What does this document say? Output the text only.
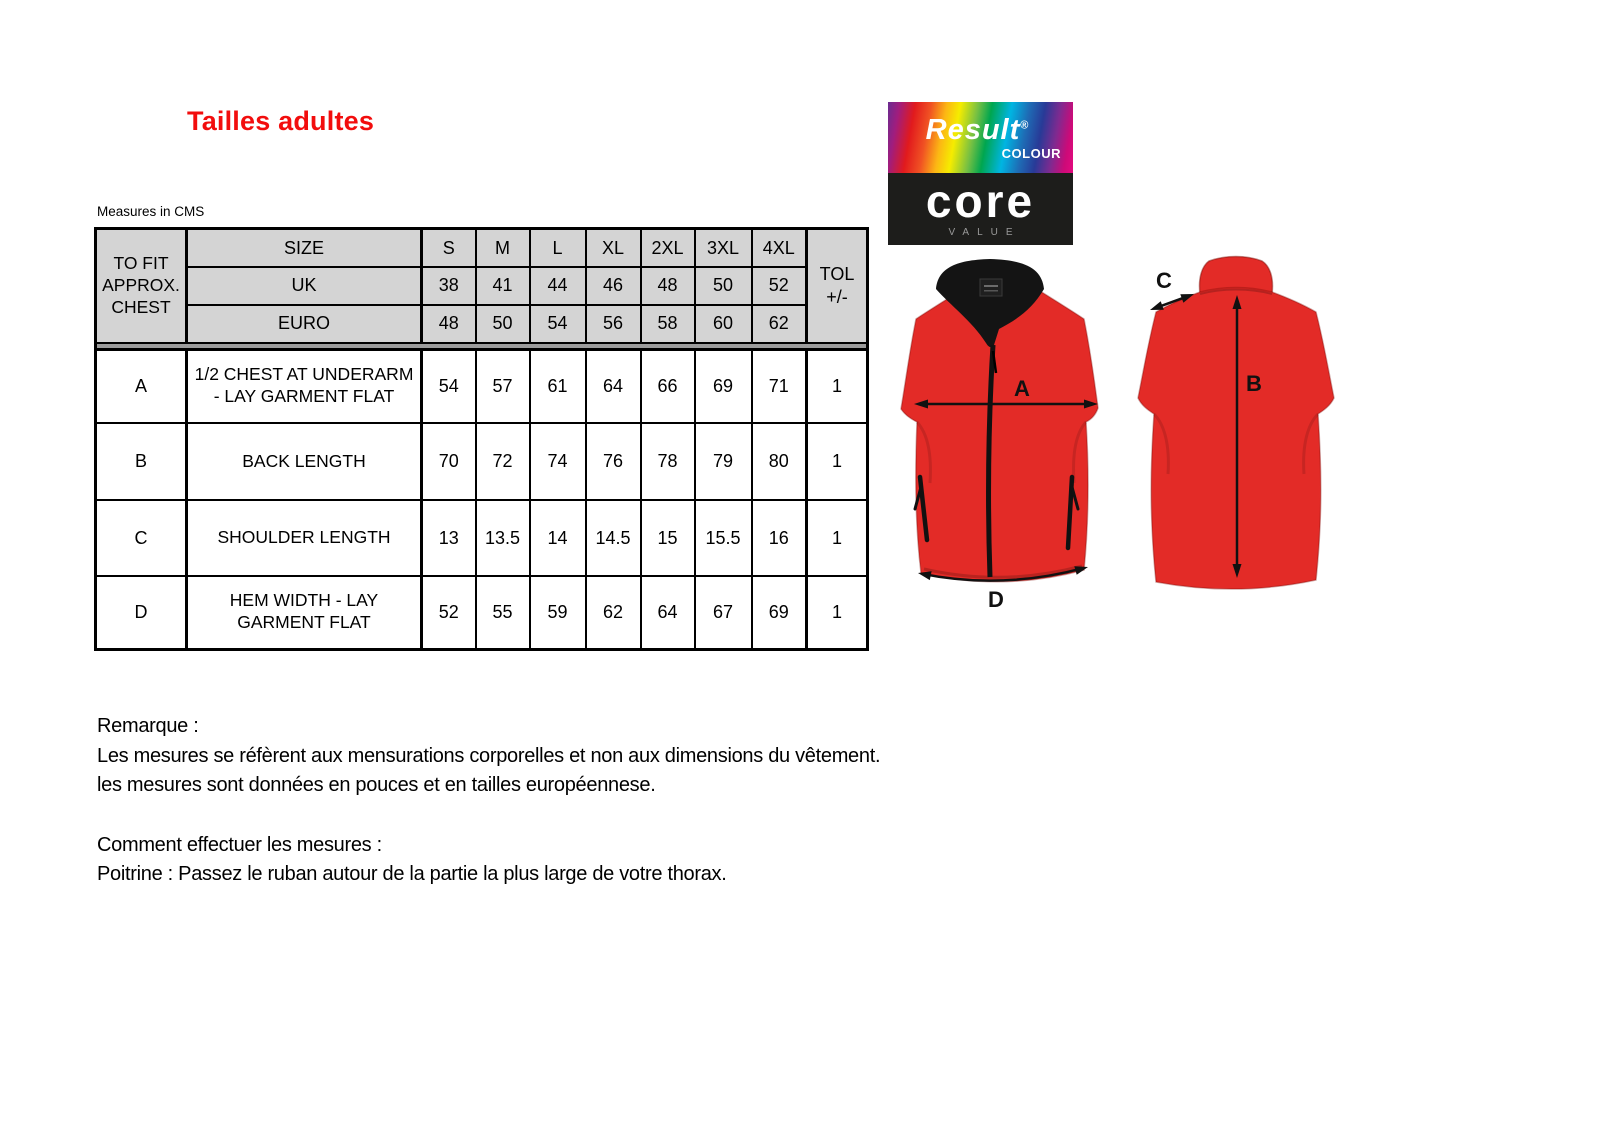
Tailles adultes
Measures in CMS
TO FIT APPROX. CHEST	SIZE	S	M	L	XL	2XL	3XL	4XL	TOL
+/-

	UK	38	41	44	46	48	50	52	
	EURO	48	50	54	56	58	60	62	

A	1/2 CHEST AT UNDERARM - LAY GARMENT FLAT	54	57	61	64	66	69	71	1
B	BACK LENGTH	70	72	74	76	78	79	80	1
C	SHOULDER LENGTH	13	13.5	14	14.5	15	15.5	16	1
D	HEM WIDTH - LAY GARMENT FLAT	52	55	59	62	64	67	69	1
Result®
COLOUR
core
VALUE
A
D
B
C
Remarque :
Les mesures se réfèrent aux mensurations corporelles et non aux dimensions du vêtement.
les mesures sont données en pouces et en tailles européennese.
Comment effectuer les mesures :
Poitrine : Passez le ruban autour de la partie la plus large de votre thorax.
